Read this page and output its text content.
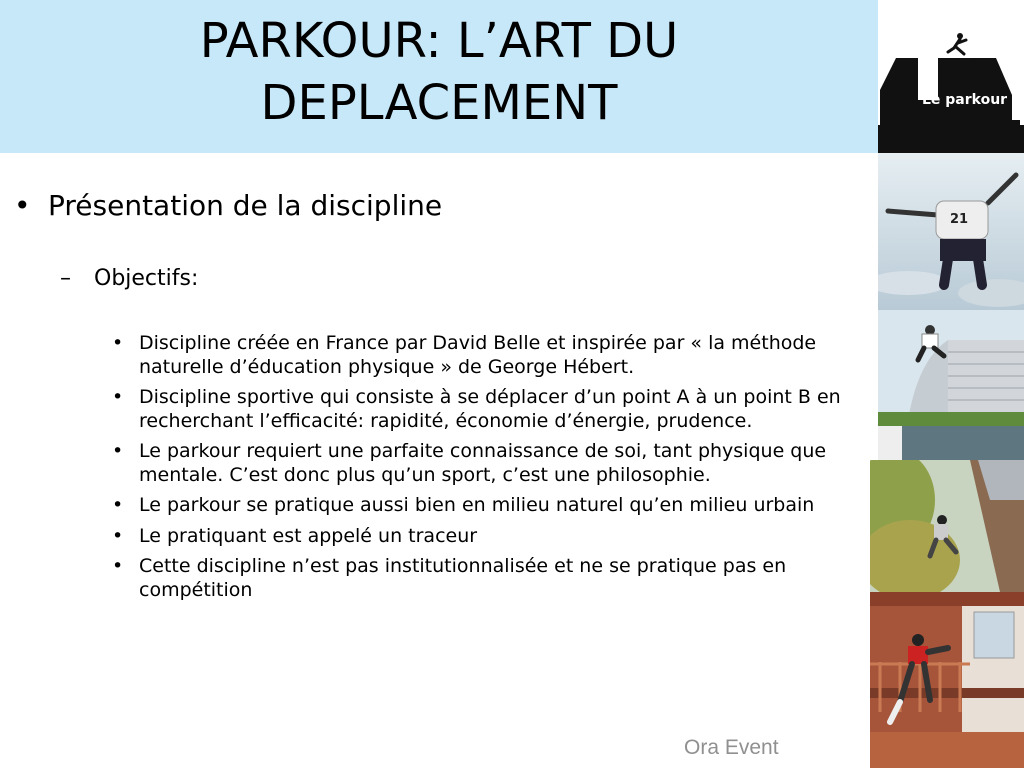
PARKOUR: L’ART DU
DEPLACEMENT
• Présentation de la discipline
– Objectifs:
• Discipline créée en France par David Belle et inspirée par « la méthode naturelle d’éducation physique » de George Hébert.
• Discipline sportive qui consiste à se déplacer d’un point A à un point B en recherchant l’efficacité: rapidité, économie d’énergie, prudence.
• Le parkour requiert une parfaite connaissance de soi, tant physique que mentale. C’est donc plus qu’un sport, c’est une philosophie.
• Le parkour se pratique aussi bien en milieu naturel qu’en milieu urbain
• Le pratiquant est appelé un traceur
• Cette discipline n’est pas institutionnalisée et ne se pratique pas en compétition
Ora Event
Le parkour
21
